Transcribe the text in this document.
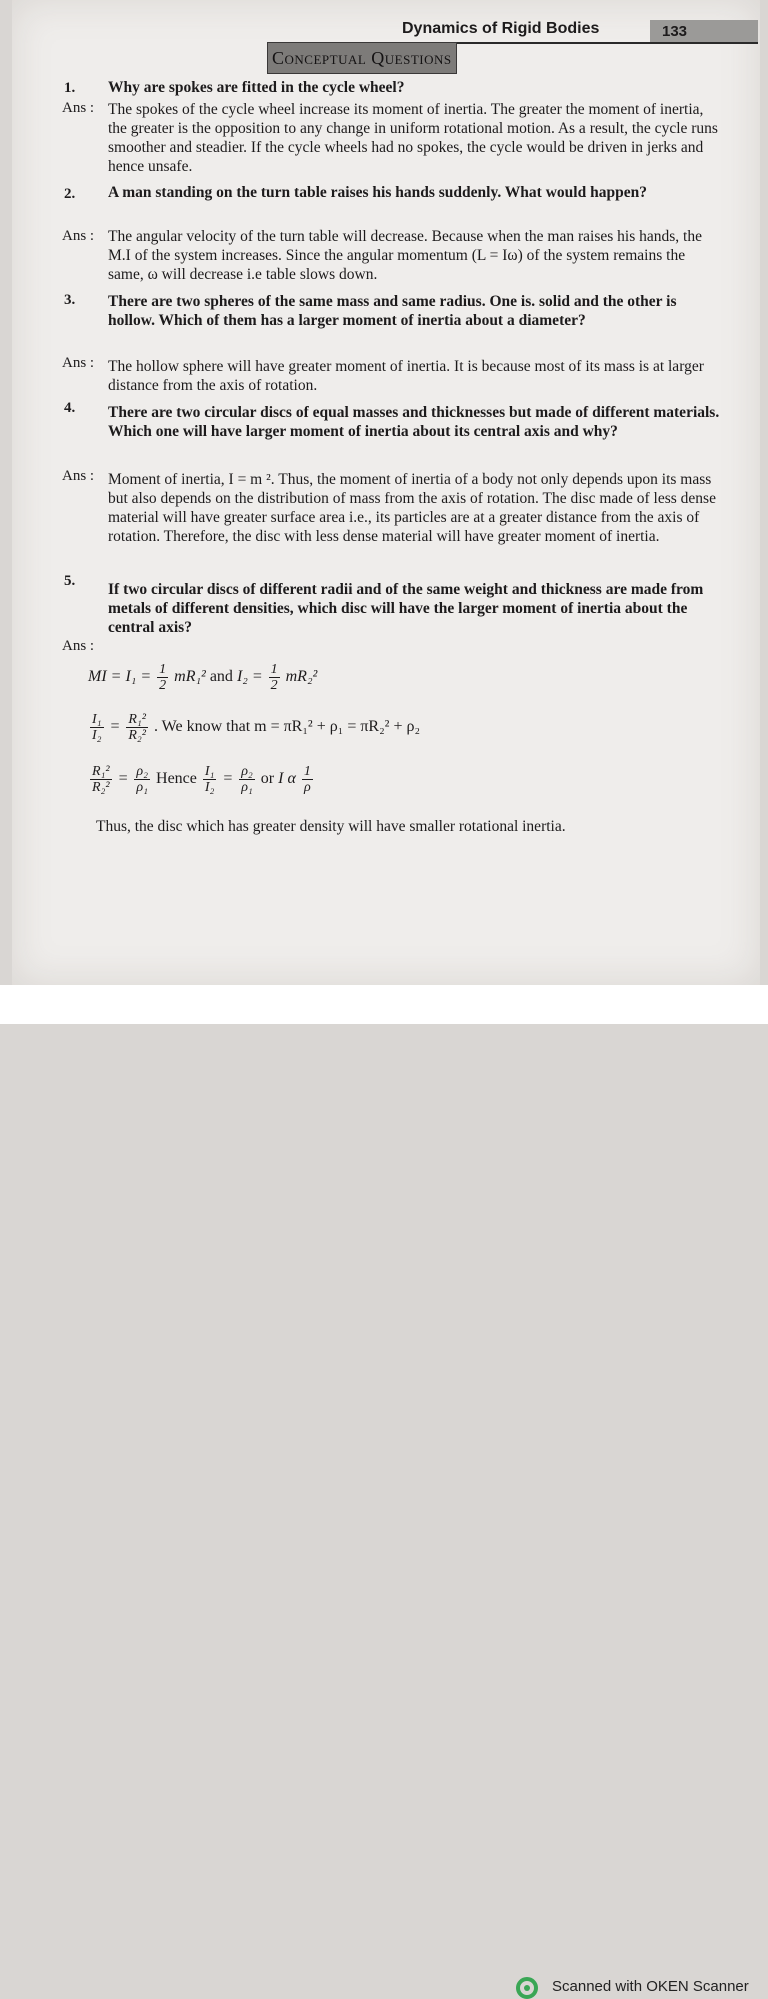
Dynamics of Rigid Bodies	133
Conceptual Questions
1. Why are spokes are fitted in the cycle wheel?
Ans : The spokes of the cycle wheel increase its moment of inertia. The greater the moment of inertia, the greater is the opposition to any change in uniform rotational motion. As a result, the cycle runs smoother and steadier. If the cycle wheels had no spokes, the cycle would be driven in jerks and hence unsafe.
2. A man standing on the turn table raises his hands suddenly. What would happen?
Ans : The angular velocity of the turn table will decrease. Because when the man raises his hands, the M.I of the system increases. Since the angular momentum (L = Iω) of the system remains the same, ω will decrease i.e table slows down.
3. There are two spheres of the same mass and same radius. One is. solid and the other is hollow. Which of them has a larger moment of inertia about a diameter?
Ans : The hollow sphere will have greater moment of inertia. It is because most of its mass is at larger distance from the axis of rotation.
4. There are two circular discs of equal masses and thicknesses but made of different materials. Which one will have larger moment of inertia about its central axis and why?
Ans : Moment of inertia, I = m ². Thus, the moment of inertia of a body not only depends upon its mass but also depends on the distribution of mass from the axis of rotation. The disc made of less dense material will have greater surface area i.e., its particles are at a greater distance from the axis of rotation. Therefore, the disc with less dense material will have greater moment of inertia.
5. If two circular discs of different radii and of the same weight and thickness are made from metals of different densities, which disc will have the larger moment of inertia about the central axis?
Ans :
MI = $I_1 = \frac{1}{2} mR_1^2$ and $I_2 = \frac{1}{2} mR_2^2$
$\frac{\text{I₁}}{\text{I₂}} = \frac{\text{R₁²}}{\text{R₂²}}$ . We know that m = πR₁² + ρ₁ = πR₂² + ρ₂
$\frac{\text{R₁²}}{\text{R₂²}} = \frac{\text{ρ₂}}{\text{ρ₁}}$ Hence $\frac{\text{I₁}}{\text{I₂}} = \frac{\text{ρ₂}}{\text{ρ₁}}$ or I α $\frac{1}{\rho}$
Thus, the disc which has greater density will have smaller rotational inertia.
Scanned with OKEN Scanner
